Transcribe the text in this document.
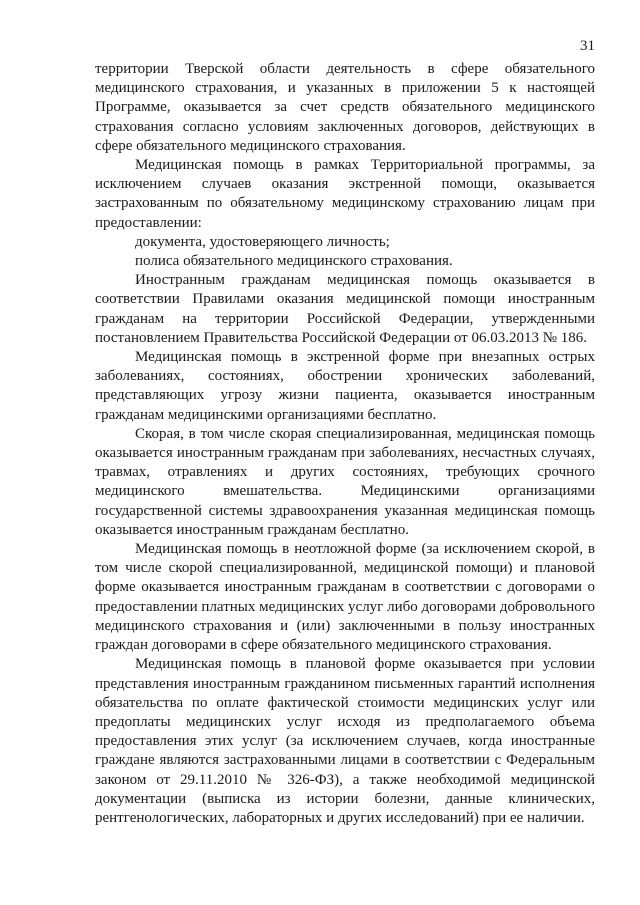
31

территории Тверской области деятельность в сфере обязательного медицинского страхования, и указанных в приложении 5 к настоящей Программе, оказывается за счет средств обязательного медицинского страхования согласно условиям заключенных договоров, действующих в сфере обязательного медицинского страхования.

Медицинская помощь в рамках Территориальной программы, за исключением случаев оказания экстренной помощи, оказывается застрахованным по обязательному медицинскому страхованию лицам при предоставлении:

документа, удостоверяющего личность;

полиса обязательного медицинского страхования.

Иностранным гражданам медицинская помощь оказывается в соответствии Правилами оказания медицинской помощи иностранным гражданам на территории Российской Федерации, утвержденными постановлением Правительства Российской Федерации от 06.03.2013 № 186.

Медицинская помощь в экстренной форме при внезапных острых заболеваниях, состояниях, обострении хронических заболеваний, представляющих угрозу жизни пациента, оказывается иностранным гражданам медицинскими организациями бесплатно.

Скорая, в том числе скорая специализированная, медицинская помощь оказывается иностранным гражданам при заболеваниях, несчастных случаях, травмах, отравлениях и других состояниях, требующих срочного медицинского вмешательства. Медицинскими организациями государственной системы здравоохранения указанная медицинская помощь оказывается иностранным гражданам бесплатно.

Медицинская помощь в неотложной форме (за исключением скорой, в том числе скорой специализированной, медицинской помощи) и плановой форме оказывается иностранным гражданам в соответствии с договорами о предоставлении платных медицинских услуг либо договорами добровольного медицинского страхования и (или) заключенными в пользу иностранных граждан договорами в сфере обязательного медицинского страхования.

Медицинская помощь в плановой форме оказывается при условии представления иностранным гражданином письменных гарантий исполнения обязательства по оплате фактической стоимости медицинских услуг или предоплаты медицинских услуг исходя из предполагаемого объема предоставления этих услуг (за исключением случаев, когда иностранные граждане являются застрахованными лицами в соответствии с Федеральным законом от 29.11.2010 № 326-ФЗ), а также необходимой медицинской документации (выписка из истории болезни, данные клинических, рентгенологических, лабораторных и других исследований) при ее наличии.
